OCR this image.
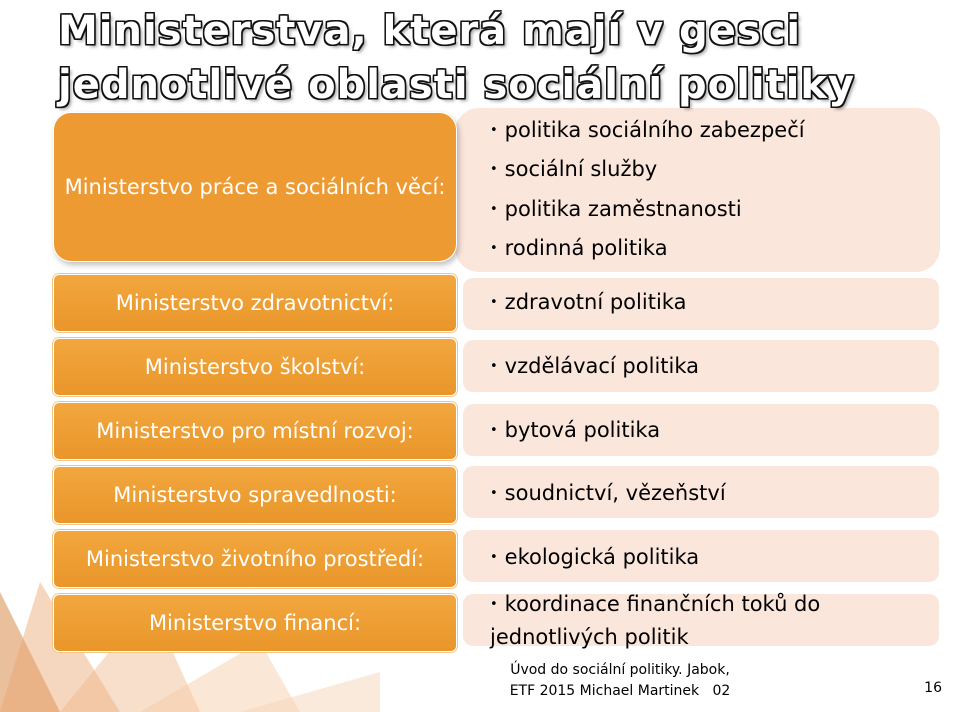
Ministerstva, která mají v gesci
jednotlivé oblasti sociální politiky
Ministerstvo práce a sociálních věcí:
Ministerstvo zdravotnictví:
Ministerstvo školství:
Ministerstvo pro místní rozvoj:
Ministerstvo spravedlnosti:
Ministerstvo životního prostředí:
Ministerstvo financí:
• politika sociálního zabezpečí
• sociální služby
• politika zaměstnanosti
• rodinná politika
• zdravotní politika
• vzdělávací politika
• bytová politika
• soudnictví, vězeňství
• ekologická politika
• koordinace finančních toků do jednotlivých politik
Úvod do sociální politiky. Jabok,
ETF 2015 Michael Martinek 02	16
